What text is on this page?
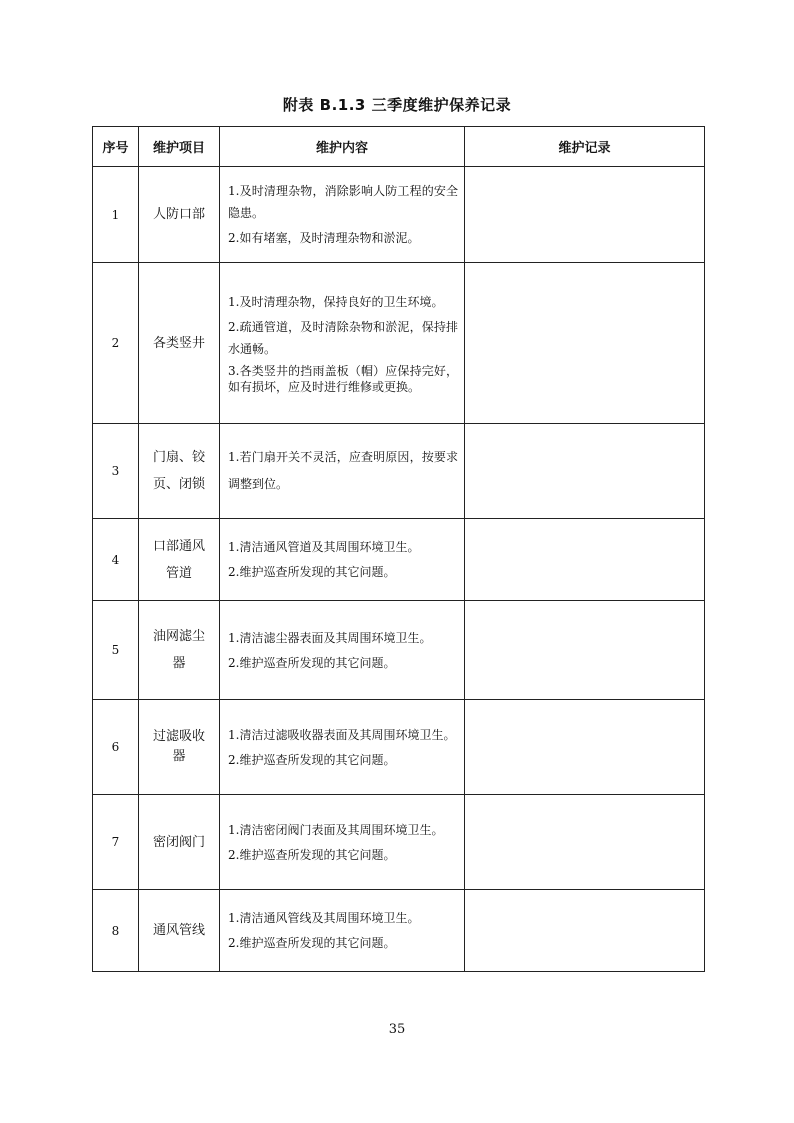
附表 B.1.3 三季度维护保养记录
序号	维护项目	维护内容	维护记录
1	人防口部	1.及时清理杂物，消除影响人防工程的安全隐患。

2.如有堵塞，及时清理杂物和淤泥。	

2	各类竖井	1.及时清理杂物，保持良好的卫生环境。

2.疏通管道，及时清除杂物和淤泥，保持排水通畅。

3.各类竖井的挡雨盖板（帽）应保持完好，如有损坏，应及时进行维修或更换。	

3	门扇、铰页、闭锁	1.若门扇开关不灵活，应查明原因，按要求调整到位。	

4	口部通风管道	1.清洁通风管道及其周围环境卫生。

2.维护巡查所发现的其它问题。	

5	油网滤尘器	1.清洁滤尘器表面及其周围环境卫生。

2.维护巡查所发现的其它问题。	

6	过滤吸收器	1.清洁过滤吸收器表面及其周围环境卫生。

2.维护巡查所发现的其它问题。	

7	密闭阀门	1.清洁密闭阀门表面及其周围环境卫生。

2.维护巡查所发现的其它问题。	

8	通风管线	1.清洁通风管线及其周围环境卫生。

2.维护巡查所发现的其它问题。	

35
